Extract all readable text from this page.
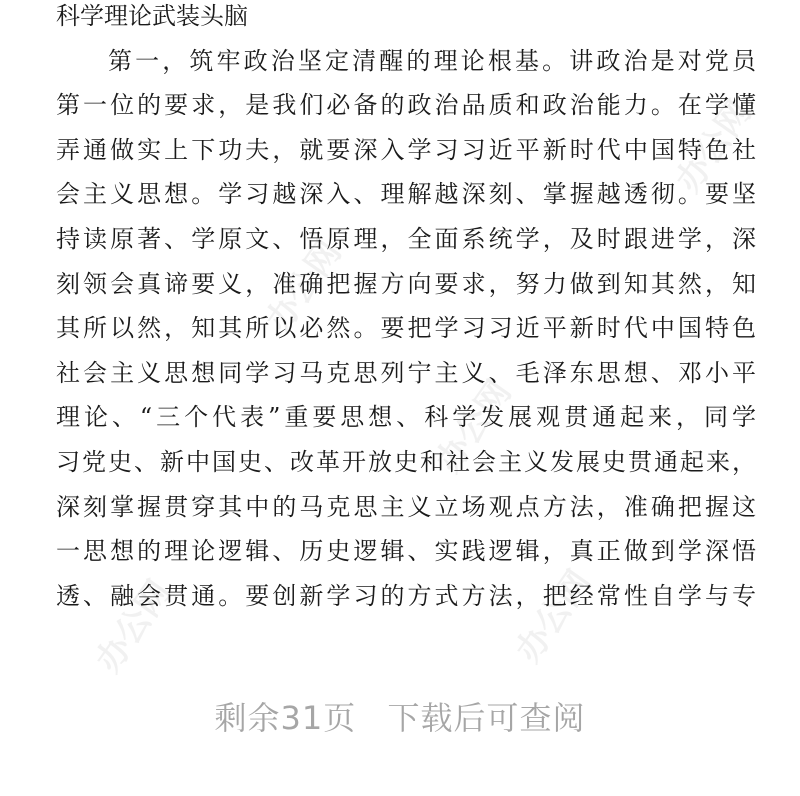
办公网
办公网
办公网	办公网
办公网
科学理论武装头脑
第一，筑牢政治坚定清醒的理论根基。讲政治是对党员
第一位的要求，是我们必备的政治品质和政治能力。在学懂
弄通做实上下功夫，就要深入学习习近平新时代中国特色社
会主义思想。学习越深入、理解越深刻、掌握越透彻。要坚
持读原著、学原文、悟原理，全面系统学，及时跟进学，深
刻领会真谛要义，准确把握方向要求，努力做到知其然，知
其所以然，知其所以必然。要把学习习近平新时代中国特色
社会主义思想同学习马克思列宁主义、毛泽东思想、邓小平
理论、“三个代表”重要思想、科学发展观贯通起来，同学
习党史、新中国史、改革开放史和社会主义发展史贯通起来，
深刻掌握贯穿其中的马克思主义立场观点方法，准确把握这
一思想的理论逻辑、历史逻辑、实践逻辑，真正做到学深悟
透、融会贯通。要创新学习的方式方法，把经常性自学与专
剩余31页 下载后可查阅
